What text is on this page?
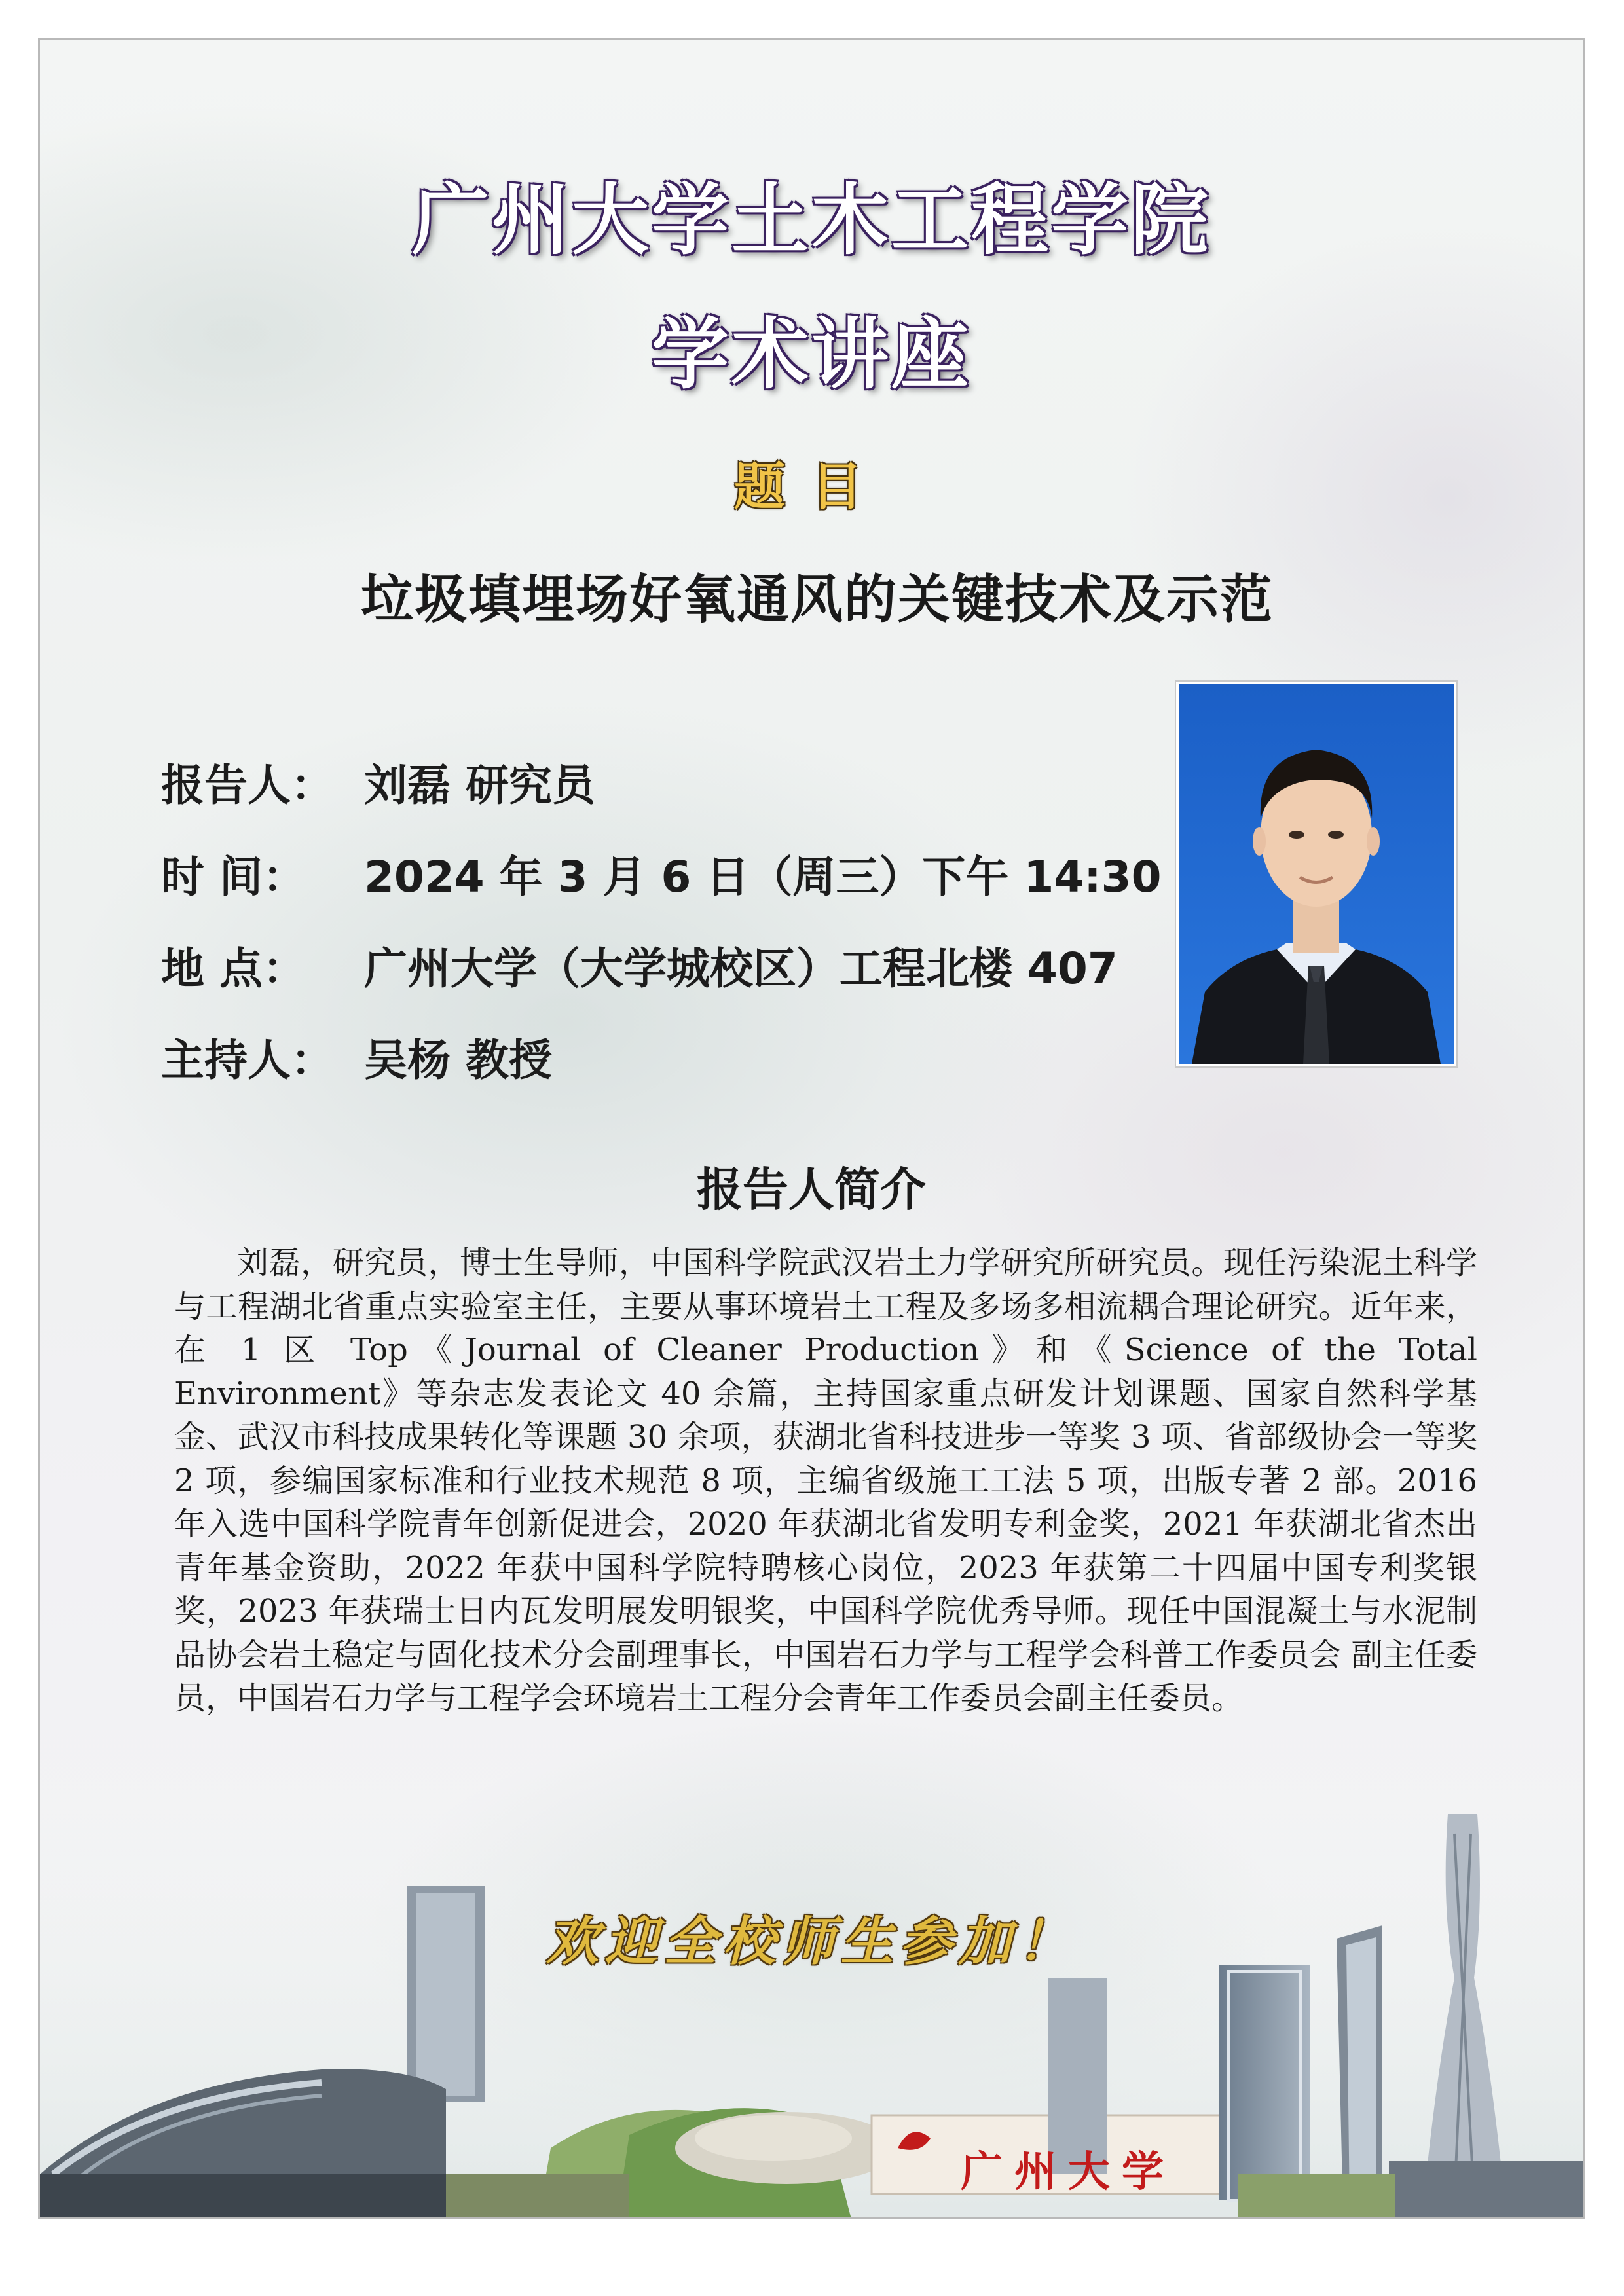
广州大学土木工程学院
学术讲座
题目
垃圾填埋场好氧通风的关键技术及示范
报告人： 刘磊 研究员
时 间： 2024 年 3 月 6 日（周三）下午 14:30
地 点： 广州大学（大学城校区）工程北楼 407
主持人： 吴杨 教授
报告人简介
刘磊，研究员，博士生导师，中国科学院武汉岩土力学研究所研究员。现任污染泥土科学与工程湖北省重点实验室主任，主要从事环境岩土工程及多场多相流耦合理论研究。近年来，在 1 区 Top《Journal of Cleaner Production》和《Science of the Total Environment》等杂志发表论文 40 余篇，主持国家重点研发计划课题、国家自然科学基金、武汉市科技成果转化等课题 30 余项，获湖北省科技进步一等奖 3 项、省部级协会一等奖 2 项，参编国家标准和行业技术规范 8 项，主编省级施工工法 5 项，出版专著 2 部。2016 年入选中国科学院青年创新促进会，2020 年获湖北省发明专利金奖，2021 年获湖北省杰出青年基金资助，2022 年获中国科学院特聘核心岗位，2023 年获第二十四届中国专利奖银奖，2023 年获瑞士日内瓦发明展发明银奖，中国科学院优秀导师。现任中国混凝土与水泥制品协会岩土稳定与固化技术分会副理事长，中国岩石力学与工程学会科普工作委员会 副主任委员，中国岩石力学与工程学会环境岩土工程分会青年工作委员会副主任委员。
欢迎全校师生参加！
广州大学
